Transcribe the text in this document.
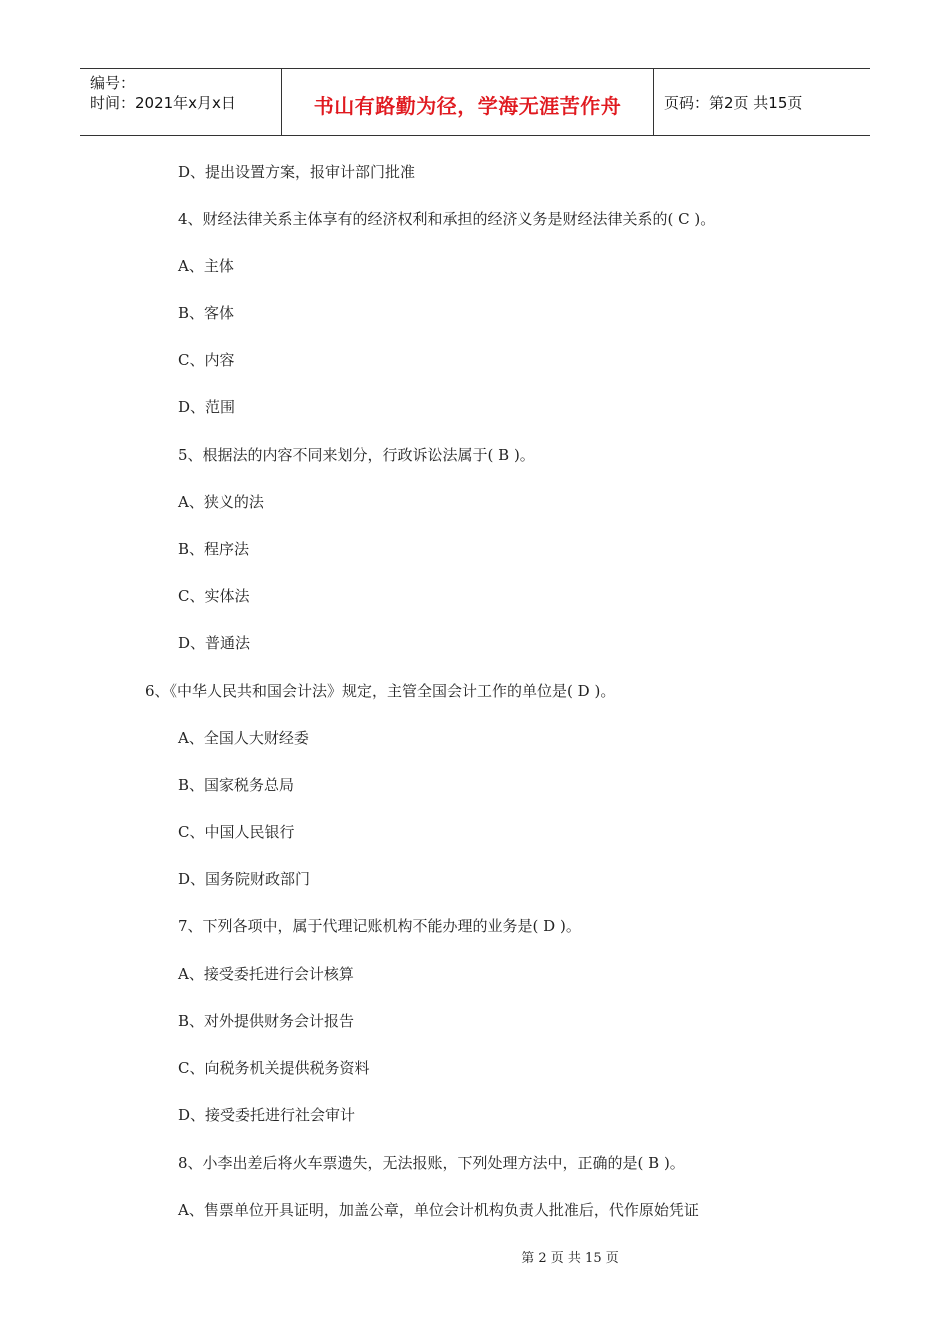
编号：
时间：2021年x月x日	书山有路勤为径，学海无涯苦作舟	页码：第2页 共15页
D、提出设置方案，报审计部门批准
4、财经法律关系主体享有的经济权利和承担的经济义务是财经法律关系的( C )。
A、主体
B、客体
C、内容
D、范围
5、根据法的内容不同来划分，行政诉讼法属于( B )。
A、狭义的法
B、程序法
C、实体法
D、普通法
6、《中华人民共和国会计法》规定，主管全国会计工作的单位是( D )。
A、全国人大财经委
B、国家税务总局
C、中国人民银行
D、国务院财政部门
7、下列各项中，属于代理记账机构不能办理的业务是( D )。
A、接受委托进行会计核算
B、对外提供财务会计报告
C、向税务机关提供税务资料
D、接受委托进行社会审计
8、小李出差后将火车票遗失，无法报账，下列处理方法中，正确的是( B )。
A、售票单位开具证明，加盖公章，单位会计机构负责人批准后，代作原始凭证
第 2 页 共 15 页
